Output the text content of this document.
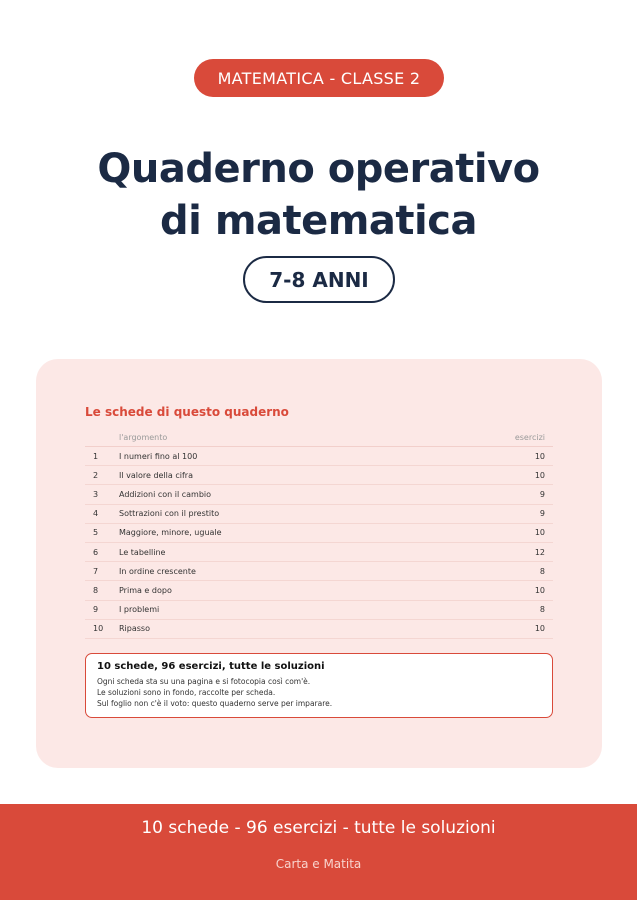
MATEMATICA - CLASSE 2
Quaderno operativo
di matematica
7-8 ANNI
Le schede di questo quaderno
l'argomento	esercizi
1	I numeri fino al 100	10
2	Il valore della cifra	10
3	Addizioni con il cambio	9
4	Sottrazioni con il prestito	9
5	Maggiore, minore, uguale	10
6	Le tabelline	12
7	In ordine crescente	8
8	Prima e dopo	10
9	I problemi	8
10	Ripasso	10
10 schede, 96 esercizi, tutte le soluzioni
Ogni scheda sta su una pagina e si fotocopia così com'è.
Le soluzioni sono in fondo, raccolte per scheda.
Sul foglio non c'è il voto: questo quaderno serve per imparare.
10 schede - 96 esercizi - tutte le soluzioni
Carta e Matita
